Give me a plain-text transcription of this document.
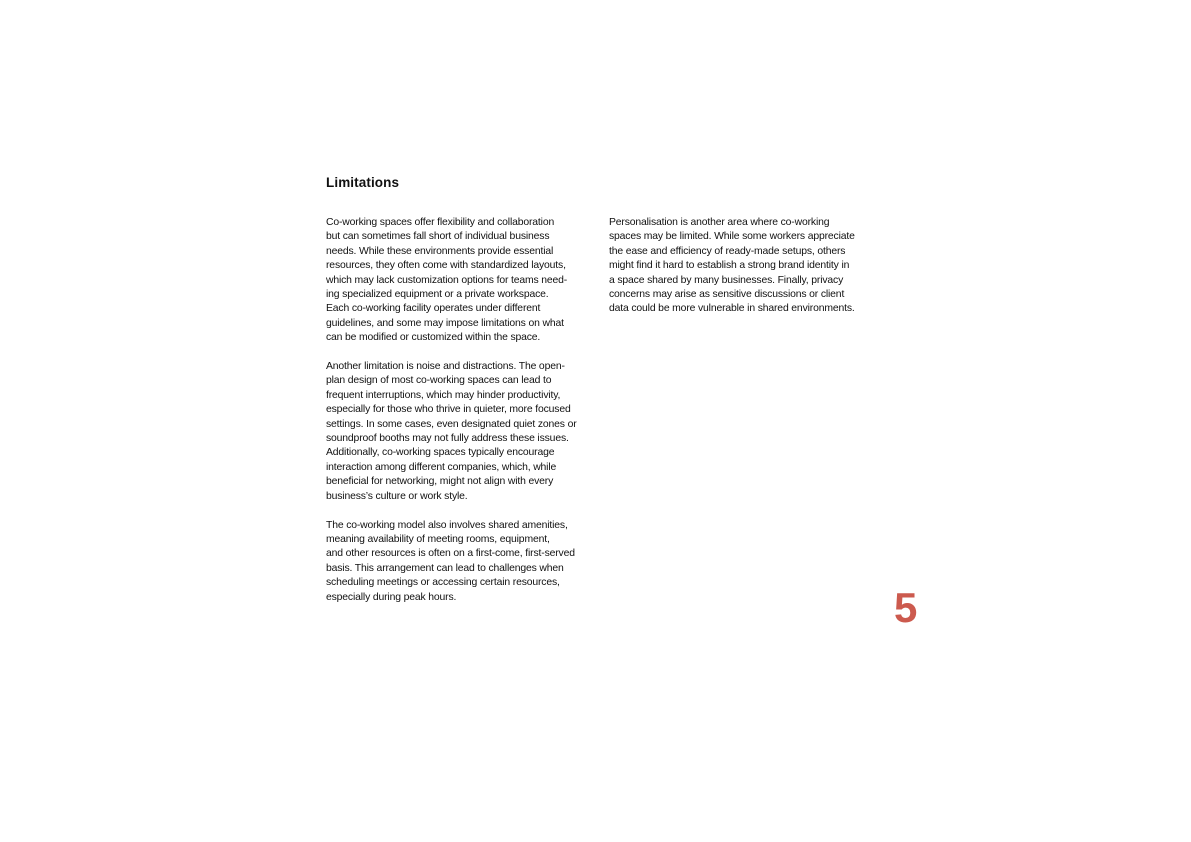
Limitations

Co-working spaces offer flexibility and collaboration
but can sometimes fall short of individual business
needs. While these environments provide essential
resources, they often come with standardized layouts,
which may lack customization options for teams need-
ing specialized equipment or a private workspace.
Each co-working facility operates under different
guidelines, and some may impose limitations on what
can be modified or customized within the space.

Another limitation is noise and distractions. The open-
plan design of most co-working spaces can lead to
frequent interruptions, which may hinder productivity,
especially for those who thrive in quieter, more focused
settings. In some cases, even designated quiet zones or
soundproof booths may not fully address these issues.
Additionally, co-working spaces typically encourage
interaction among different companies, which, while
beneficial for networking, might not align with every
business’s culture or work style.

The co-working model also involves shared amenities,
meaning availability of meeting rooms, equipment,
and other resources is often on a first-come, first-served
basis. This arrangement can lead to challenges when
scheduling meetings or accessing certain resources,
especially during peak hours.

Personalisation is another area where co-working
spaces may be limited. While some workers appreciate
the ease and efficiency of ready-made setups, others
might find it hard to establish a strong brand identity in
a space shared by many businesses. Finally, privacy
concerns may arise as sensitive discussions or client
data could be more vulnerable in shared environments.

5
